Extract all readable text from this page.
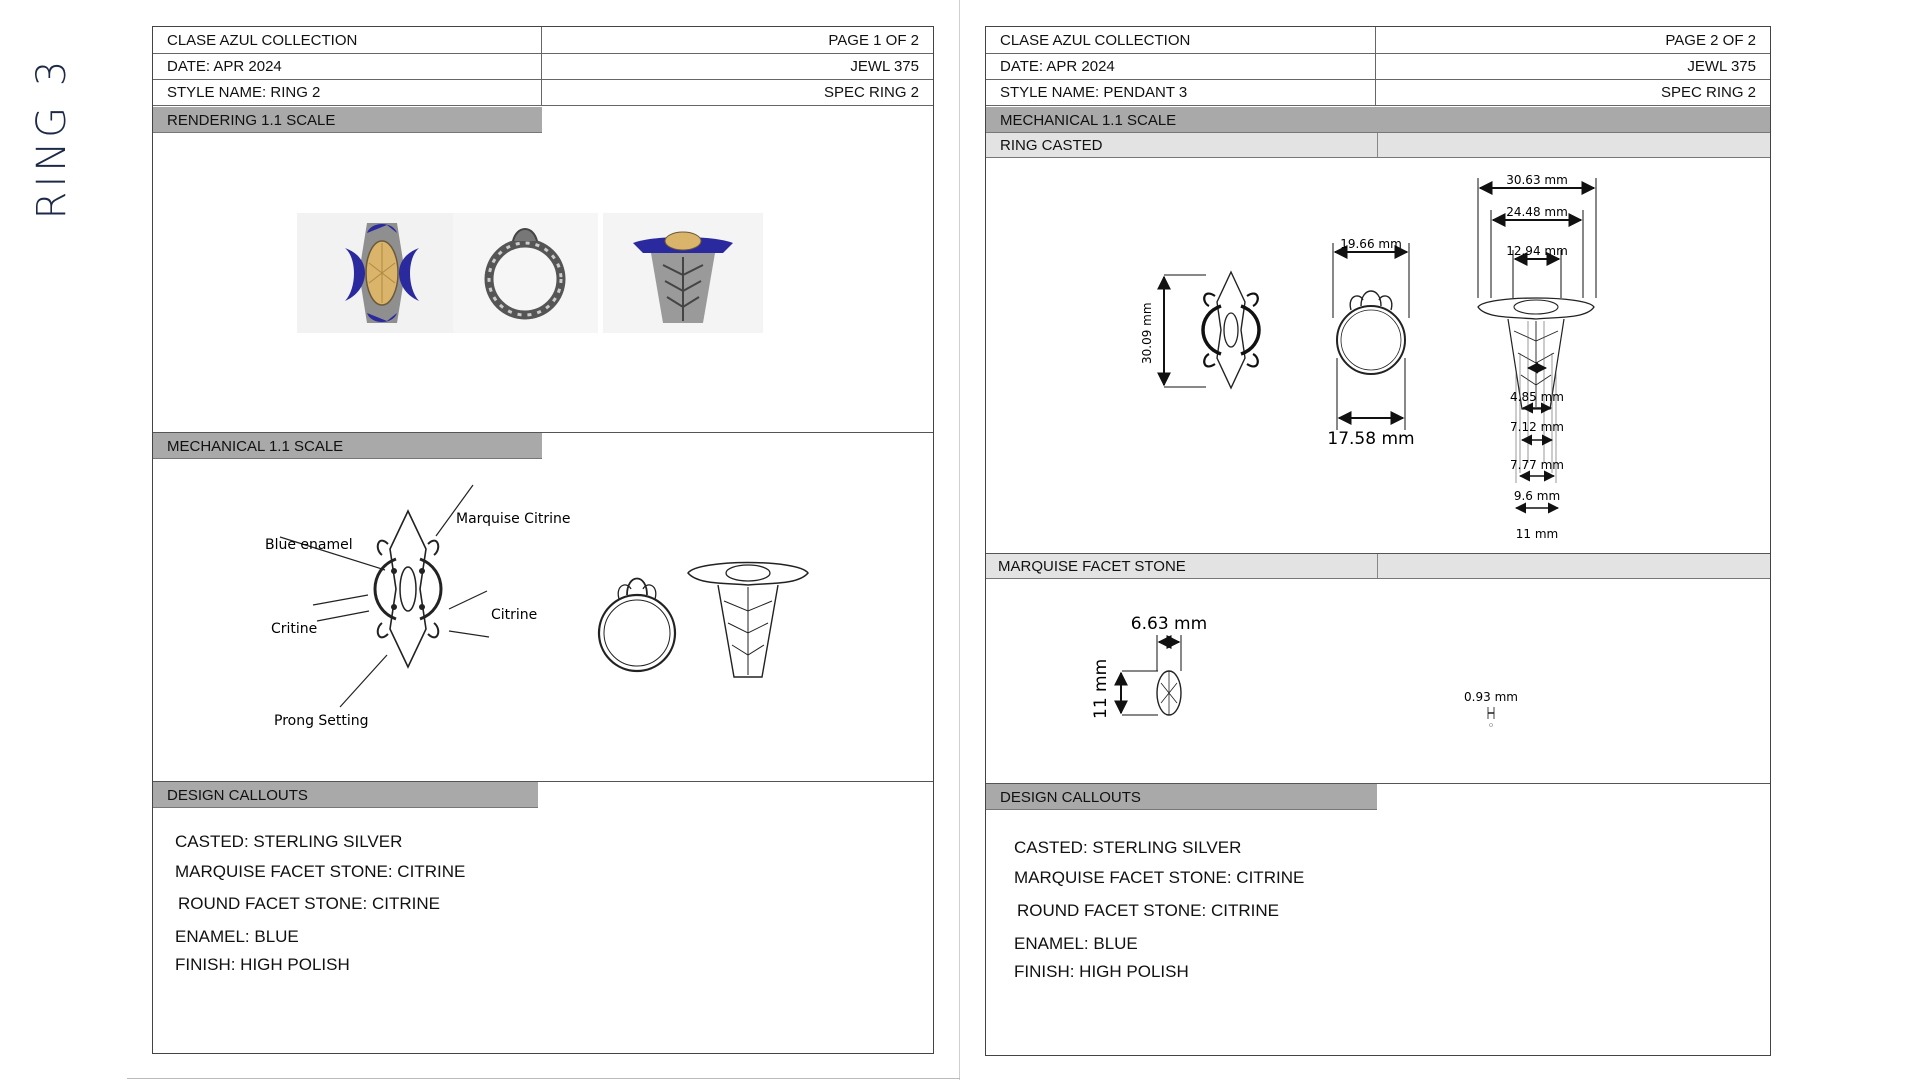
RING 3
CLASE AZUL COLLECTION	PAGE 1 OF 2
DATE: APR 2024	JEWL 375
STYLE NAME: RING 2	SPEC RING 2
RENDERING 1.1 SCALE
MECHANICAL 1.1 SCALE
Blue enamel
Marquise Citrine
Critine
Citrine
Prong Setting
DESIGN CALLOUTS
CASTED: STERLING SILVER
MARQUISE FACET STONE: CITRINE
ROUND FACET STONE: CITRINE
ENAMEL: BLUE
FINISH: HIGH POLISH
CLASE AZUL COLLECTION	PAGE 2 OF 2
DATE: APR 2024	JEWL 375
STYLE NAME: PENDANT 3	SPEC RING 2
MECHANICAL 1.1 SCALE
RING CASTED
30.09 mm
19.66 mm
17.58 mm
30.63 mm
24.48 mm
12.94 mm
4.85 mm
7.12 mm
7.77 mm
9.6 mm
11 mm
MARQUISE FACET STONE
6.63 mm
11 mm	0.93 mm
DESIGN CALLOUTS
CASTED: STERLING SILVER
MARQUISE FACET STONE: CITRINE
ROUND FACET STONE: CITRINE
ENAMEL: BLUE
FINISH: HIGH POLISH
